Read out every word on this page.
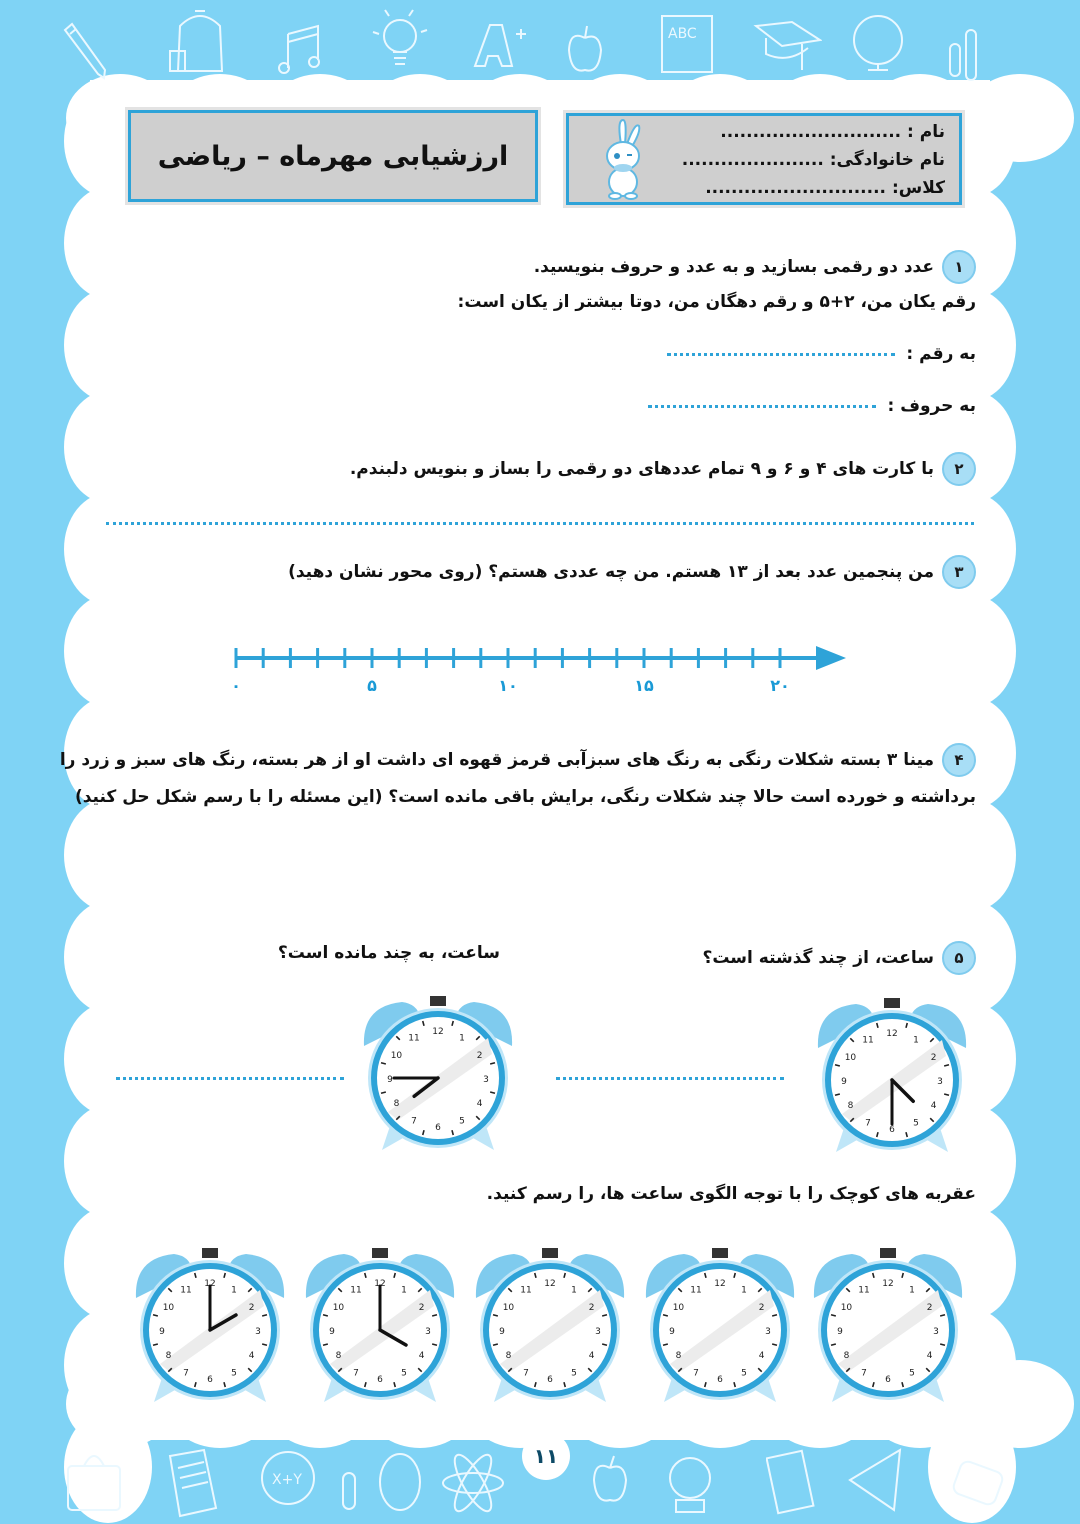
ABC
X+Y
ارزشیابی مهرماه – ریاضی
نام : ............................
نام خانوادگی: ......................
کلاس: ............................
۱عدد دو رقمی بسازید و به عدد و حروف بنویسید.
رقم یکان من، ۲+۵ و رقم دهگان من، دوتا بیشتر از یکان است:
به رقم :
به حروف :
۲با کارت های ۴ و ۶ و ۹ تمام عددهای دو رقمی را بساز و بنویس دلبندم.
۳من پنجمین عدد بعد از ۱۳ هستم. من چه عددی هستم؟ (روی محور نشان دهید)
۰	۵	۱۰	۱۵	۲۰
۴مینا ۳ بسته شکلات رنگی به رنگ های سبزآبی قرمز قهوه ای داشت او از هر بسته، رنگ های سبز و زرد را
برداشته و خورده است حالا چند شکلات رنگی، برایش باقی مانده است؟ (این مسئله را با رسم شکل حل کنید)
۵ساعت، از چند گذشته است؟
ساعت، به چند مانده است؟
1
2
3
4
5
6
7
8
9
10
11
12
1
2
3
4
5
6
7
8
9
10
11
12
عقربه های کوچک را با توجه الگوی ساعت ها، را رسم کنید.
1
2
3
4
5
6
7
8
9
10
11
12
1
2
3
4
5
6
7
8
9
10
11
12
1
2
3
4
5
6
7
8
9
10
11
12
1
2
3
4
5
6
7
8
9
10
11
12
1
2
3
4
5
6
7
8
9
10
11
12
۱۱
